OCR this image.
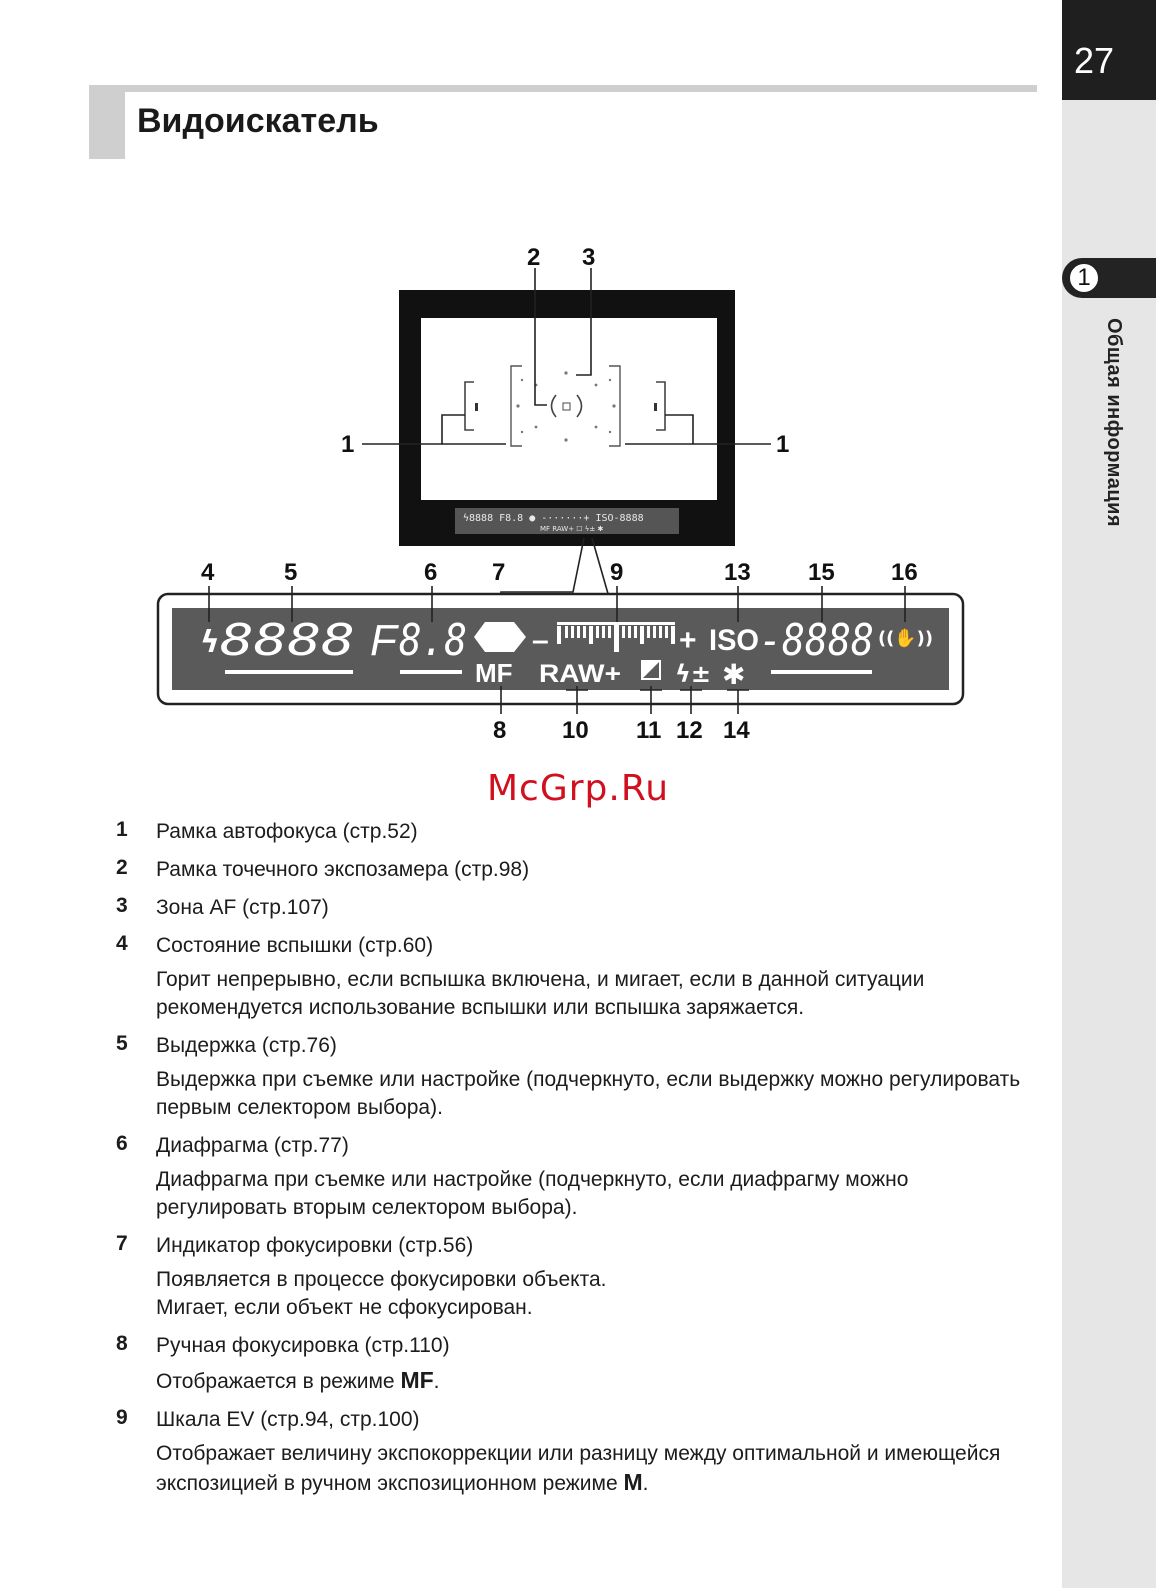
27
1
Общая информация
Видоискатель
ϟ8888 F8.8 ● -······+ ISO-8888
MF RAW+ ☐ ϟ± ✱
1	1
2 3
4	5	6 7	9	13 15 16
ϟ 8888 F 8.8 –	+ ISO -8888 ((✋))
MF RAW+ ϟ± ✱
8 10 11 12 14
McGrp.Ru
1	Рамка автофокуса (стр.52)
2	Рамка точечного экспозамера (стр.98)
3	Зона AF (стр.107)
4	Состояние вспышки (стр.60)
Горит непрерывно, если вспышка включена, и мигает, если в данной ситуации рекомендуется использование вспышки или вспышка заряжается.
5	Выдержка (стр.76)
Выдержка при съемке или настройке (подчеркнуто, если выдержку можно регулировать первым селектором выбора).
6	Диафрагма (стр.77)
Диафрагма при съемке или настройке (подчеркнуто, если диафрагму можно регулировать вторым селектором выбора).
7	Индикатор фокусировки (стр.56)
Появляется в процессе фокусировки объекта.
Мигает, если объект не сфокусирован.
8	Ручная фокусировка (стр.110)
Отображается в режиме MF.
9	Шкала EV (стр.94, стр.100)
Отображает величину экспокоррекции или разницу между оптимальной и имеющейся экспозицией в ручном экспозиционном режиме M.
